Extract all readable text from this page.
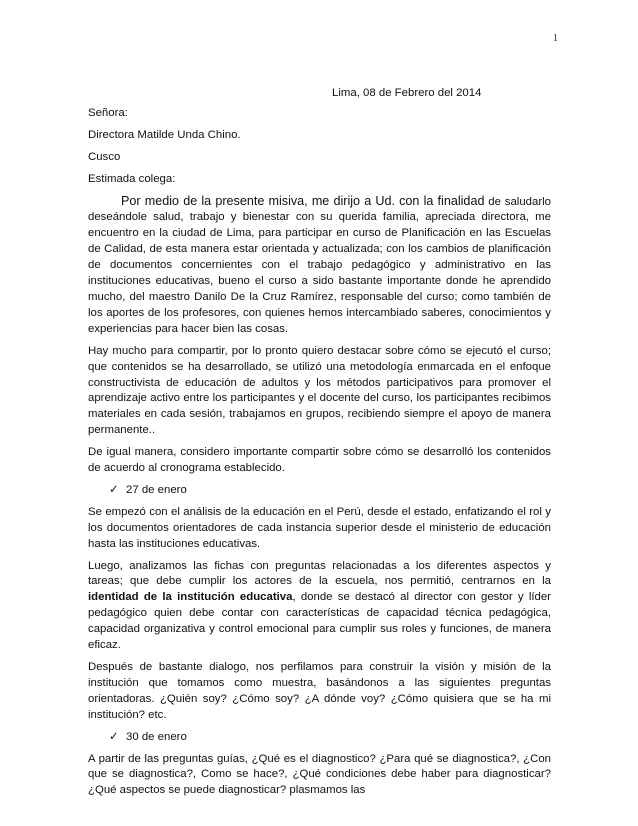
1

Lima, 08 de Febrero del 2014

Señora:

Directora Matilde Unda Chino.

Cusco

Estimada colega:

Por medio de la presente misiva, me dirijo a Ud. con la finalidad de saludarlo deseándole salud, trabajo y bienestar con su querida familia, apreciada directora, me encuentro en la ciudad de Lima, para participar en curso de Planificación en las Escuelas de Calidad, de esta manera estar orientada y actualizada; con los cambios de planificación de documentos concernientes con el trabajo pedagógico y administrativo en las instituciones educativas, bueno el curso a sido bastante importante donde he aprendido mucho, del maestro Danilo De la Cruz Ramírez, responsable del curso; como también de los aportes de los profesores, con quienes hemos intercambiado saberes, conocimientos y experiencias para hacer bien las cosas.

Hay mucho para compartir, por lo pronto quiero destacar sobre cómo se ejecutó el curso; que contenidos se ha desarrollado, se utilizó una metodología enmarcada en el enfoque constructivista de educación de adultos y los métodos participativos para promover el aprendizaje activo entre los participantes y el docente del curso, los participantes recibimos materiales en cada sesión, trabajamos en grupos, recibiendo siempre el apoyo de manera permanente..

De igual manera, considero importante compartir sobre cómo se desarrolló los contenidos de acuerdo al cronograma establecido.

✓ 27 de enero

Se empezó con el análisis de la educación en el Perú, desde el estado, enfatizando el rol y los documentos orientadores de cada instancia superior desde el ministerio de educación hasta las instituciones educativas.

Luego, analizamos las fichas con preguntas relacionadas a los diferentes aspectos y tareas; que debe cumplir los actores de la escuela, nos permitió, centrarnos en la identidad de la institución educativa, donde se destacó al director con gestor y líder pedagógico quien debe contar con características de capacidad técnica pedagógica, capacidad organizativa y control emocional para cumplir sus roles y funciones, de manera eficaz.

Después de bastante dialogo, nos perfilamos para construir la visión y misión de la institución que tomamos como muestra, basándonos a las siguientes preguntas orientadoras. ¿Quién soy? ¿Cómo soy? ¿A dónde voy? ¿Cómo quisiera que se ha mi institución? etc.

✓ 30 de enero

A partir de las preguntas guías, ¿Qué es el diagnostico? ¿Para qué se diagnostica?, ¿Con que se diagnostica?, Como se hace?, ¿Qué condiciones debe haber para diagnosticar? ¿Qué aspectos se puede diagnosticar? plasmamos las
